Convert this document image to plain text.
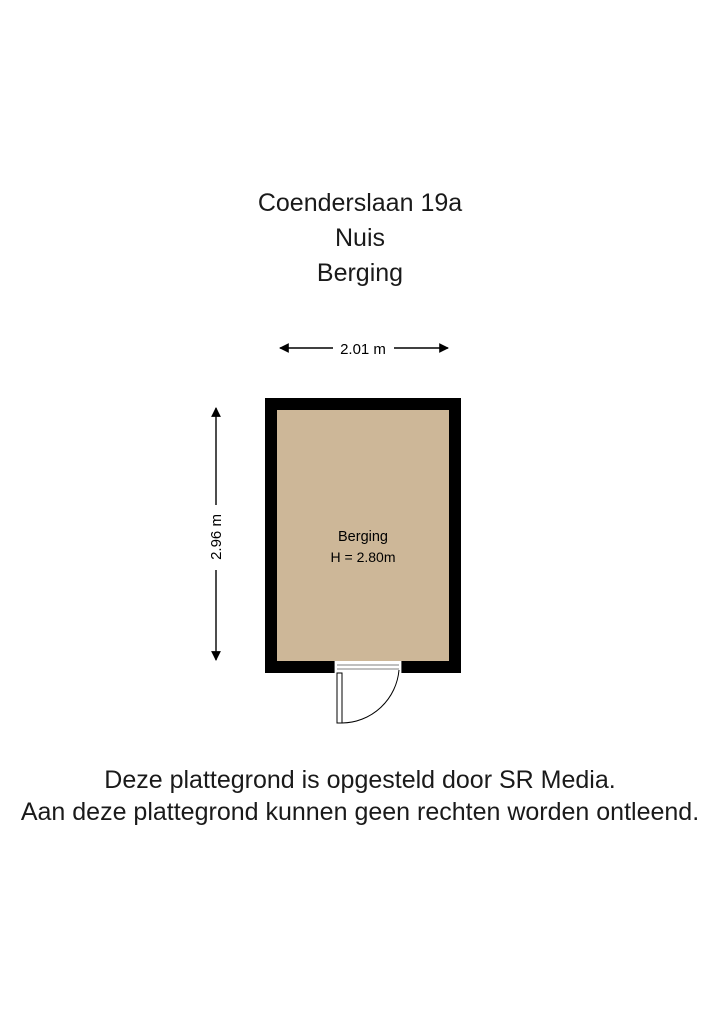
Coenderslaan 19a
Nuis
Berging
2.01 m
2.96 m	Berging
H = 2.80m
Deze plattegrond is opgesteld door SR Media.
Aan deze plattegrond kunnen geen rechten worden ontleend.
